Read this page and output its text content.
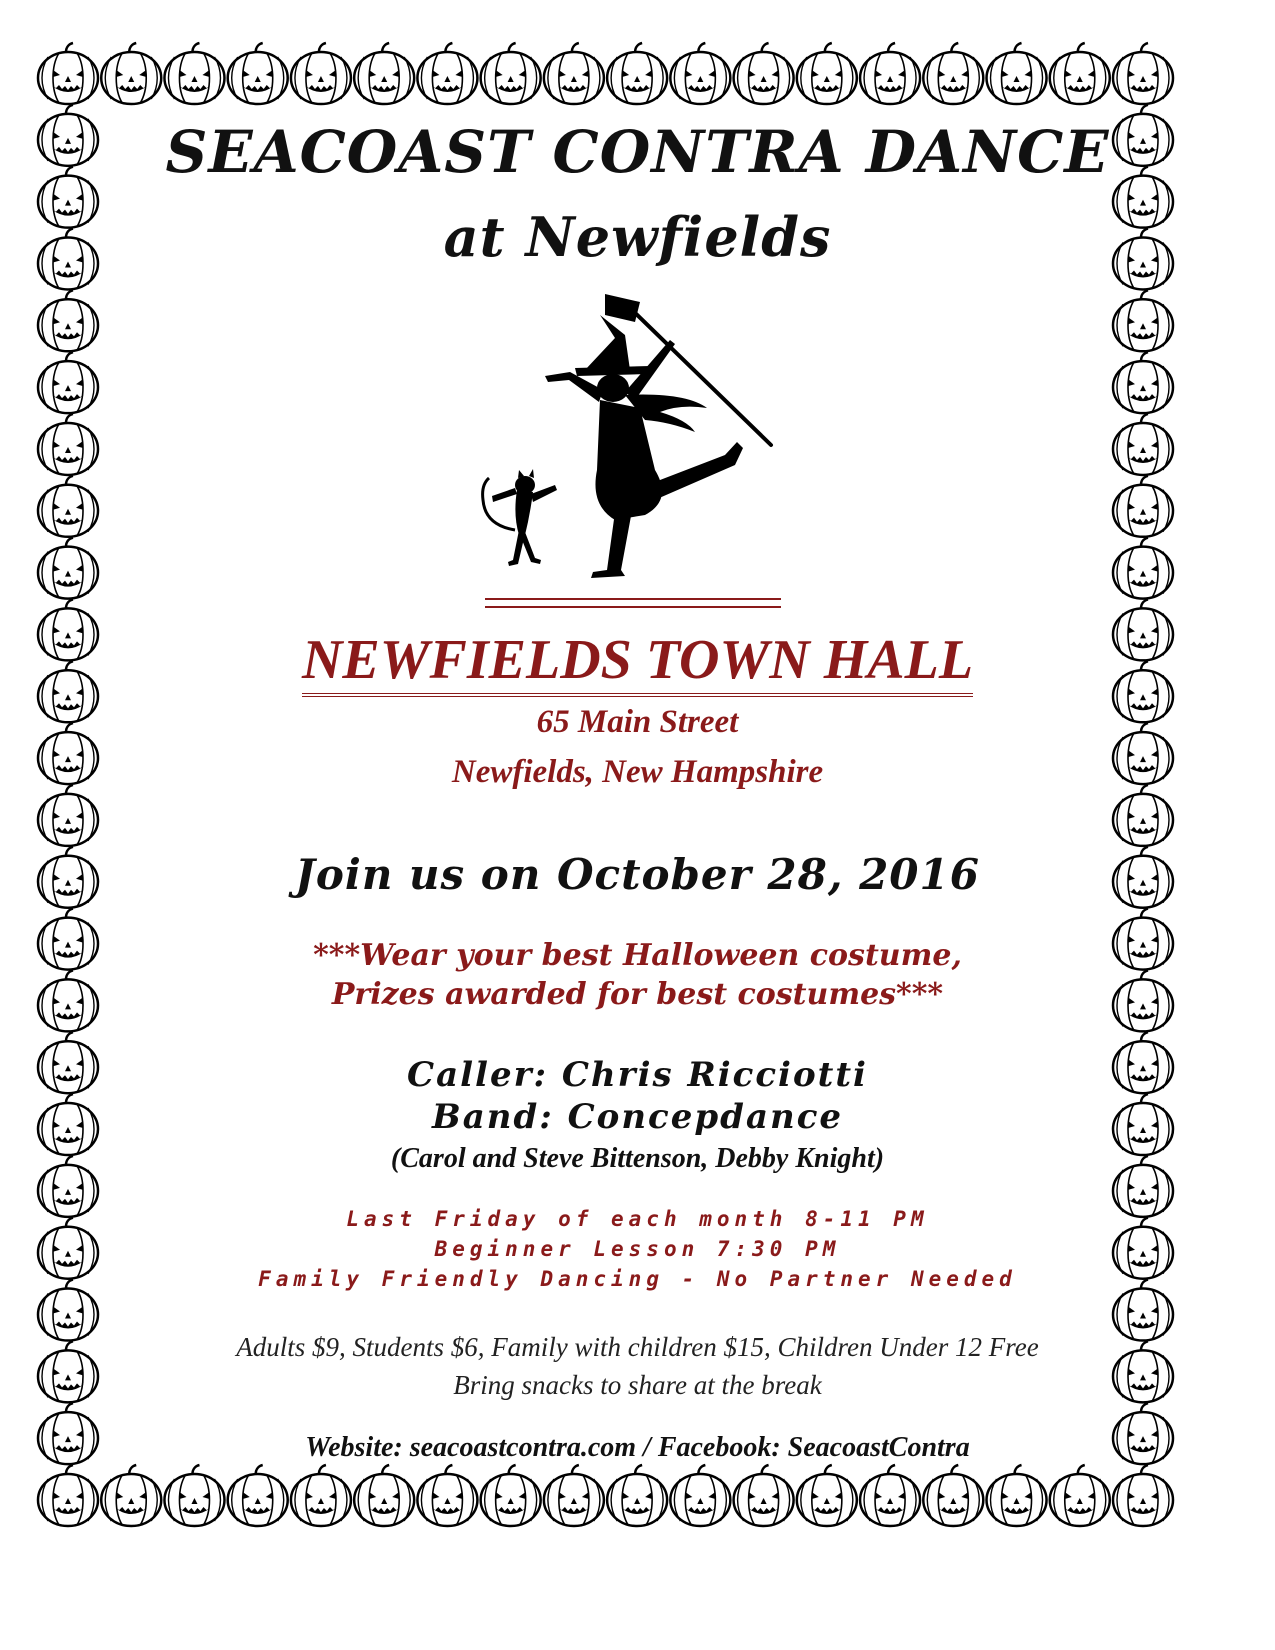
SEACOAST CONTRA DANCE
at Newfields
NEWFIELDS TOWN HALL
65 Main Street
Newfields, New Hampshire
Join us on October 28, 2016
***Wear your best Halloween costume,
Prizes awarded for best costumes***
Caller: Chris Ricciotti
Band: Concepdance
(Carol and Steve Bittenson, Debby Knight)
Last Friday of each month 8-11 PM
Beginner Lesson 7:30 PM
Family Friendly Dancing - No Partner Needed
Adults $9, Students $6, Family with children $15, Children Under 12 Free
Bring snacks to share at the break
Website: seacoastcontra.com / Facebook: SeacoastContra
